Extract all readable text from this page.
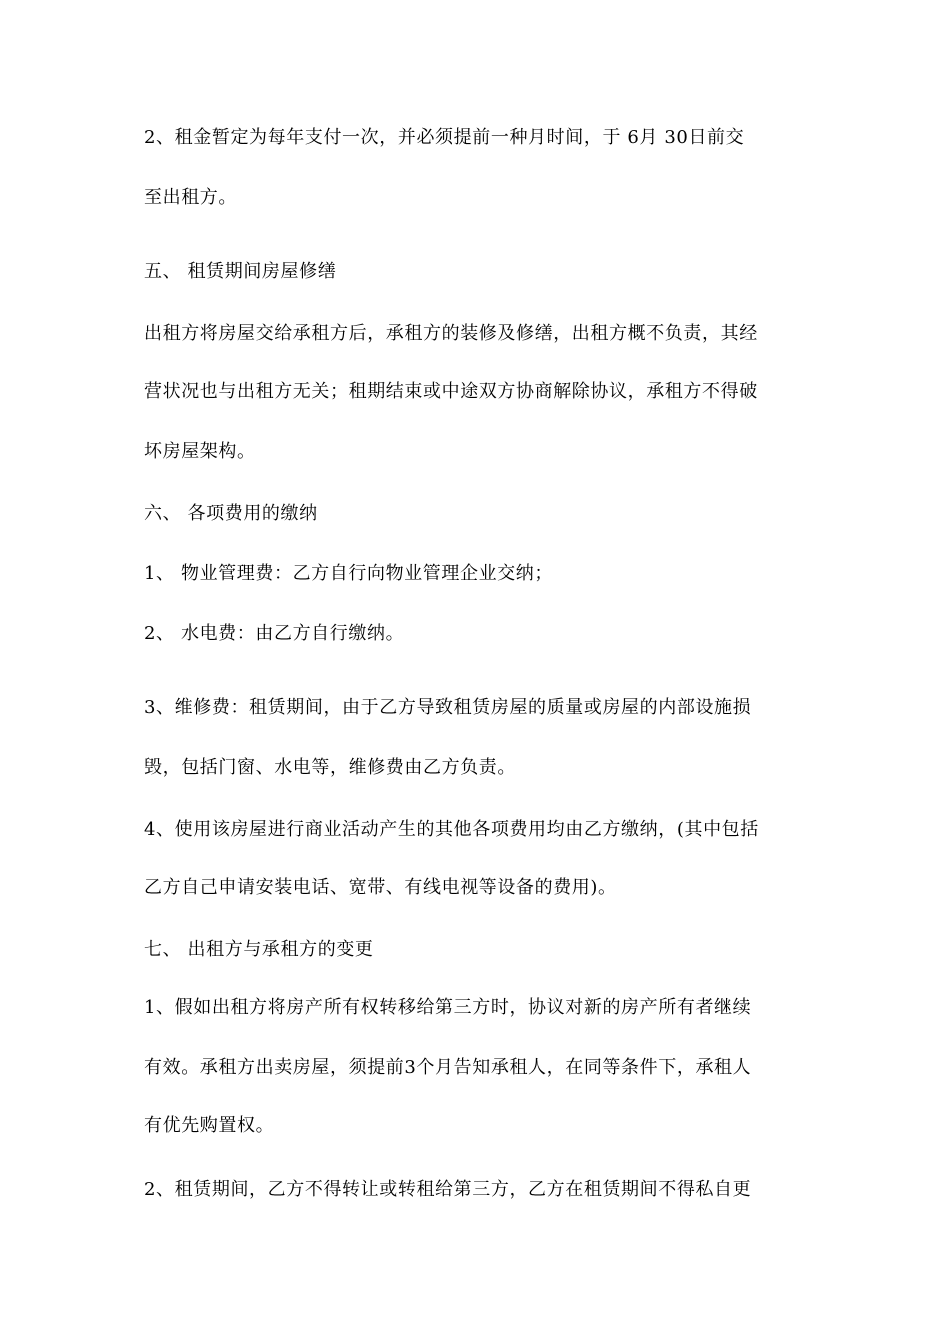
2、租金暂定为每年支付一次，并必须提前一种月时间，于 6月 30日前交
至出租方。
五、 租赁期间房屋修缮
出租方将房屋交给承租方后，承租方的装修及修缮，出租方概不负责，其经
营状况也与出租方无关；租期结束或中途双方协商解除协议，承租方不得破
坏房屋架构。
六、 各项费用的缴纳
1、 物业管理费：乙方自行向物业管理企业交纳；
2、 水电费：由乙方自行缴纳。
3、维修费：租赁期间，由于乙方导致租赁房屋的质量或房屋的内部设施损
毁，包括门窗、水电等，维修费由乙方负责。
4、使用该房屋进行商业活动产生的其他各项费用均由乙方缴纳，(其中包括
乙方自己申请安装电话、宽带、有线电视等设备的费用)。
七、 出租方与承租方的变更
1、假如出租方将房产所有权转移给第三方时，协议对新的房产所有者继续
有效。承租方出卖房屋，须提前3个月告知承租人，在同等条件下，承租人
有优先购置权。
2、租赁期间，乙方不得转让或转租给第三方，乙方在租赁期间不得私自更
